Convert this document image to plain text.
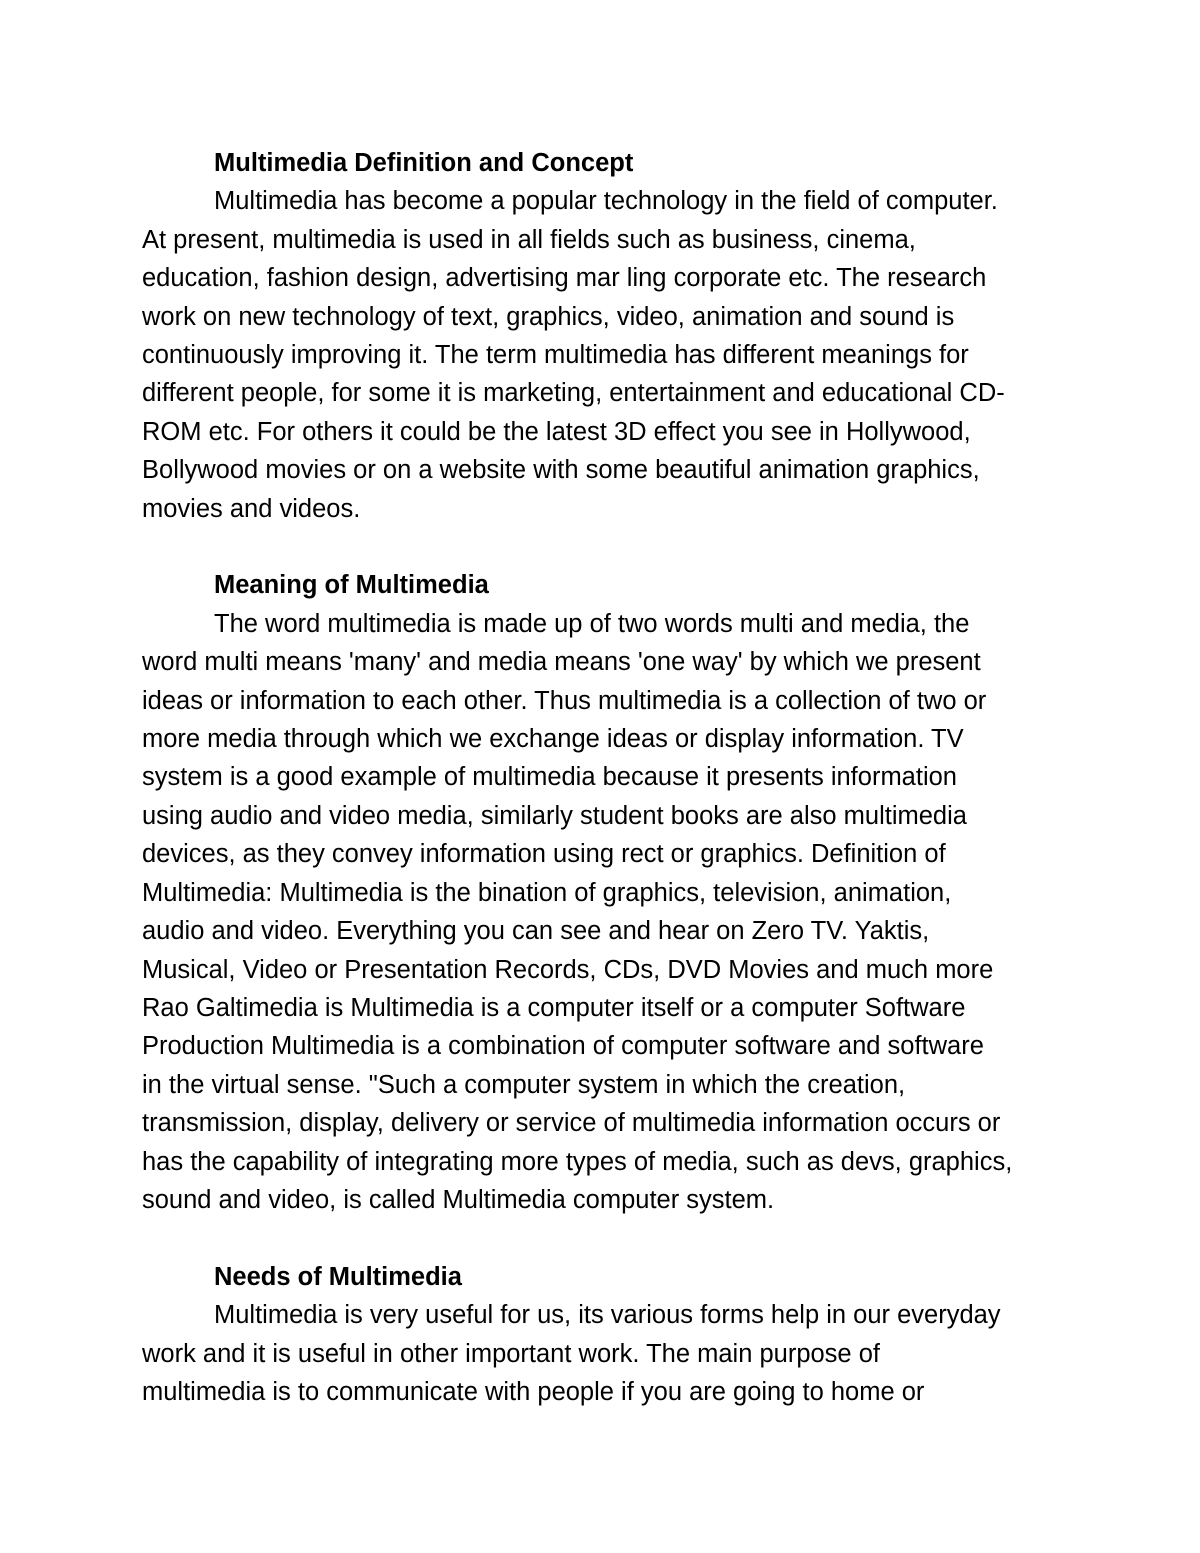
Multimedia Definition and Concept
Multimedia has become a popular technology in the field of computer.
At present, multimedia is used in all fields such as business, cinema,
education, fashion design, advertising mar ling corporate etc. The research
work on new technology of text, graphics, video, animation and sound is
continuously improving it. The term multimedia has different meanings for
different people, for some it is marketing, entertainment and educational CD-
ROM etc. For others it could be the latest 3D effect you see in Hollywood,
Bollywood movies or on a website with some beautiful animation graphics,
movies and videos.
Meaning of Multimedia
The word multimedia is made up of two words multi and media, the
word multi means 'many' and media means 'one way' by which we present
ideas or information to each other. Thus multimedia is a collection of two or
more media through which we exchange ideas or display information. TV
system is a good example of multimedia because it presents information
using audio and video media, similarly student books are also multimedia
devices, as they convey information using rect or graphics. Definition of
Multimedia: Multimedia is the bination of graphics, television, animation,
audio and video. Everything you can see and hear on Zero TV. Yaktis,
Musical, Video or Presentation Records, CDs, DVD Movies and much more
Rao Galtimedia is Multimedia is a computer itself or a computer Software
Production Multimedia is a combination of computer software and software
in the virtual sense. "Such a computer system in which the creation,
transmission, display, delivery or service of multimedia information occurs or
has the capability of integrating more types of media, such as devs, graphics,
sound and video, is called Multimedia computer system.
Needs of Multimedia
Multimedia is very useful for us, its various forms help in our everyday
work and it is useful in other important work. The main purpose of
multimedia is to communicate with people if you are going to home or
